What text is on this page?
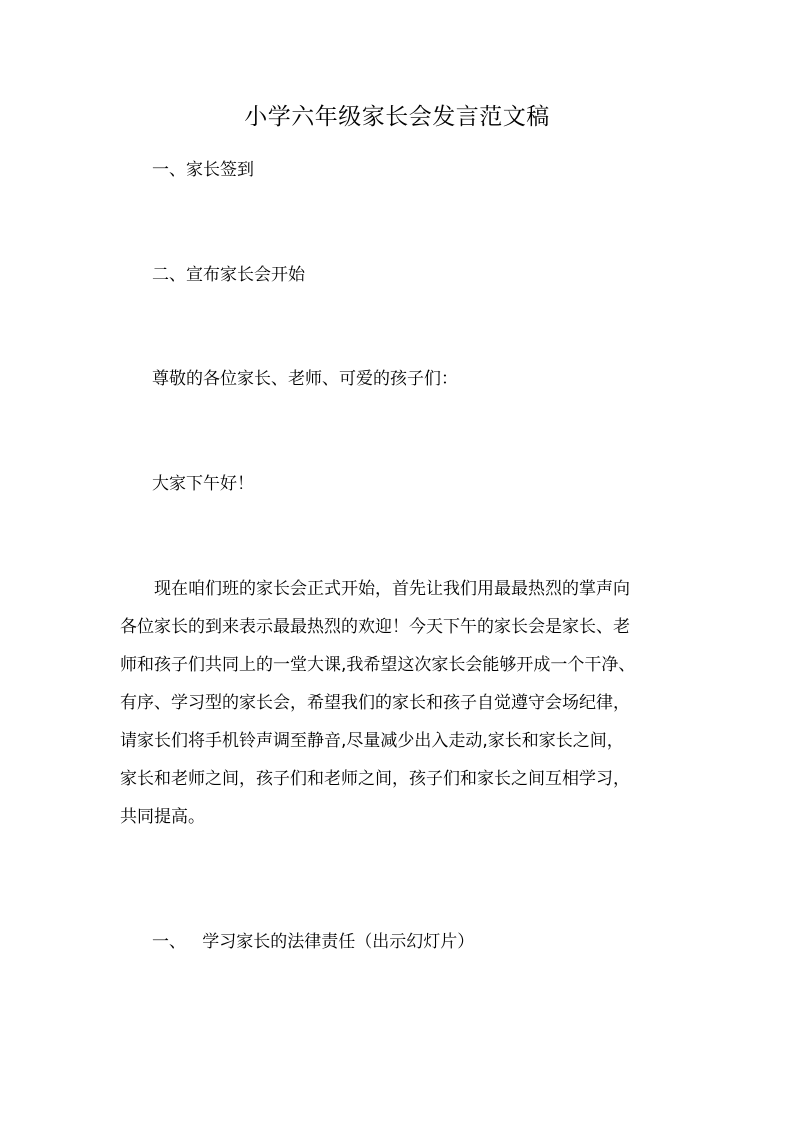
小学六年级家长会发言范文稿
一、家长签到
二、宣布家长会开始
尊敬的各位家长、老师、可爱的孩子们：
大家下午好！
现在咱们班的家长会正式开始，首先让我们用最最热烈的掌声向
各位家长的到来表示最最热烈的欢迎！今天下午的家长会是家长、老
师和孩子们共同上的一堂大课,我希望这次家长会能够开成一个干净、
有序、学习型的家长会，希望我们的家长和孩子自觉遵守会场纪律，
请家长们将手机铃声调至静音,尽量减少出入走动,家长和家长之间，
家长和老师之间，孩子们和老师之间，孩子们和家长之间互相学习，
共同提高。
一、   学习家长的法律责任（出示幻灯片）
